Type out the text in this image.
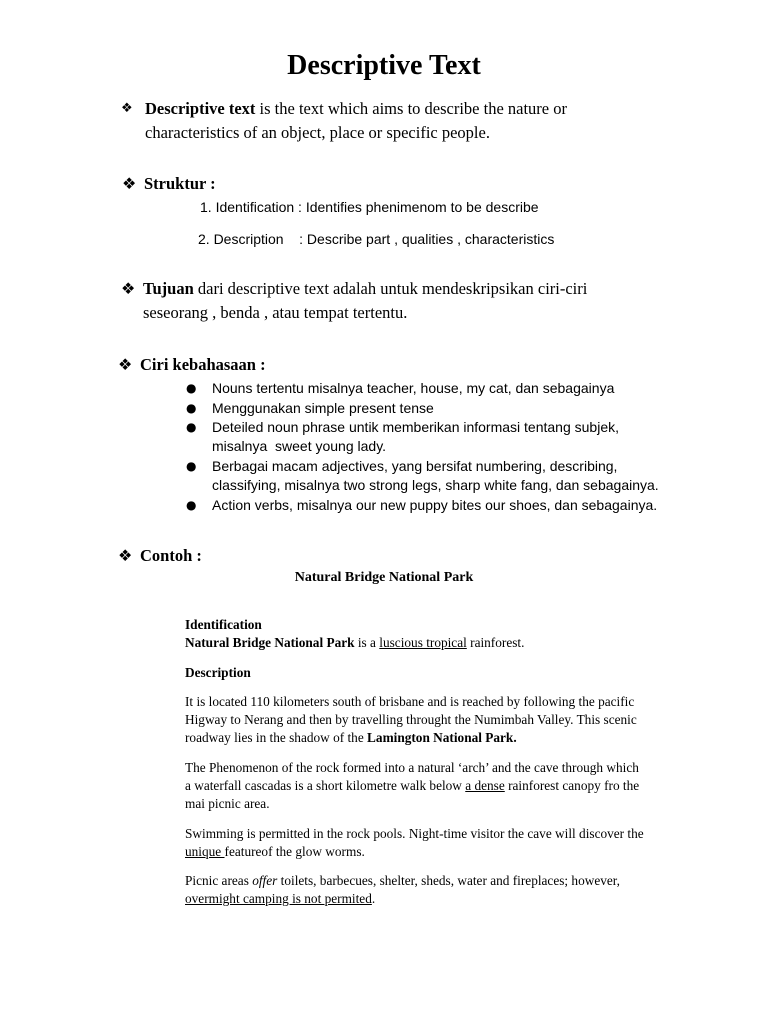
Descriptive Text
❖ Descriptive text is the text which aims to describe the nature or
characteristics of an object, place or specific people.
❖ Struktur :
1. Identification : Identifies phenimenom to be describe
2. Description    : Describe part , qualities , characteristics
❖ Tujuan dari descriptive text adalah untuk mendeskripsikan ciri-ciri
seseorang , benda , atau tempat tertentu.
❖ Ciri kebahasaan :
● Nouns tertentu misalnya teacher, house, my cat, dan sebagainya
● Menggunakan simple present tense
● Deteiled noun phrase untik memberikan informasi tentang subjek,
misalnya  sweet young lady.
● Berbagai macam adjectives, yang bersifat numbering, describing,
classifying, misalnya two strong legs, sharp white fang, dan sebagainya.
● Action verbs, misalnya our new puppy bites our shoes, dan sebagainya.
❖ Contoh :
Natural Bridge National Park
Identification
Natural Bridge National Park is a luscious tropical rainforest.
Description
It is located 110 kilometers south of brisbane and is reached by following the pacific
Higway to Nerang and then by travelling throught the Numimbah Valley. This scenic
roadway lies in the shadow of the Lamington National Park.
The Phenomenon of the rock formed into a natural ‘arch’ and the cave through which
a waterfall cascadas is a short kilometre walk below a dense rainforest canopy fro the
mai picnic area.
Swimming is permitted in the rock pools. Night-time visitor the cave will discover the
unique featureof the glow worms.
Picnic areas offer toilets, barbecues, shelter, sheds, water and fireplaces; however,
overmight camping is not permited.
